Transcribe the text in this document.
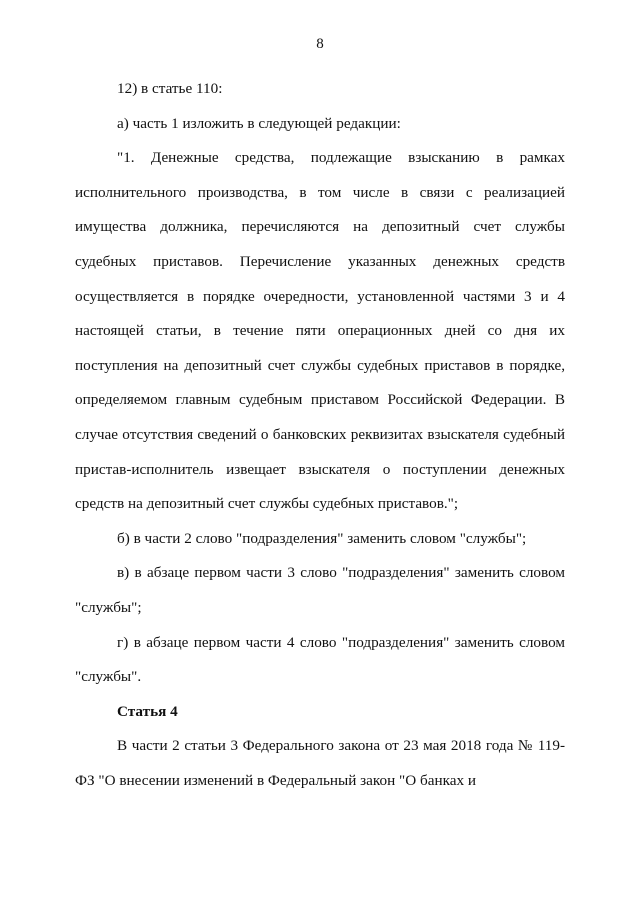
8

12) в статье 110:

а) часть 1 изложить в следующей редакции:

"1. Денежные средства, подлежащие взысканию в рамках исполнительного производства, в том числе в связи с реализацией имущества должника, перечисляются на депозитный счет службы судебных приставов. Перечисление указанных денежных средств осуществляется в порядке очередности, установленной частями 3 и 4 настоящей статьи, в течение пяти операционных дней со дня их поступления на депозитный счет службы судебных приставов в порядке, определяемом главным судебным приставом Российской Федерации. В случае отсутствия сведений о банковских реквизитах взыскателя судебный пристав-исполнитель извещает взыскателя о поступлении денежных средств на депозитный счет службы судебных приставов.";

б) в части 2 слово "подразделения" заменить словом "службы";

в) в абзаце первом части 3 слово "подразделения" заменить словом "службы";

г) в абзаце первом части 4 слово "подразделения" заменить словом "службы".

Статья 4

В части 2 статьи 3 Федерального закона от 23 мая 2018 года № 119-ФЗ "О внесении изменений в Федеральный закон "О банках и
